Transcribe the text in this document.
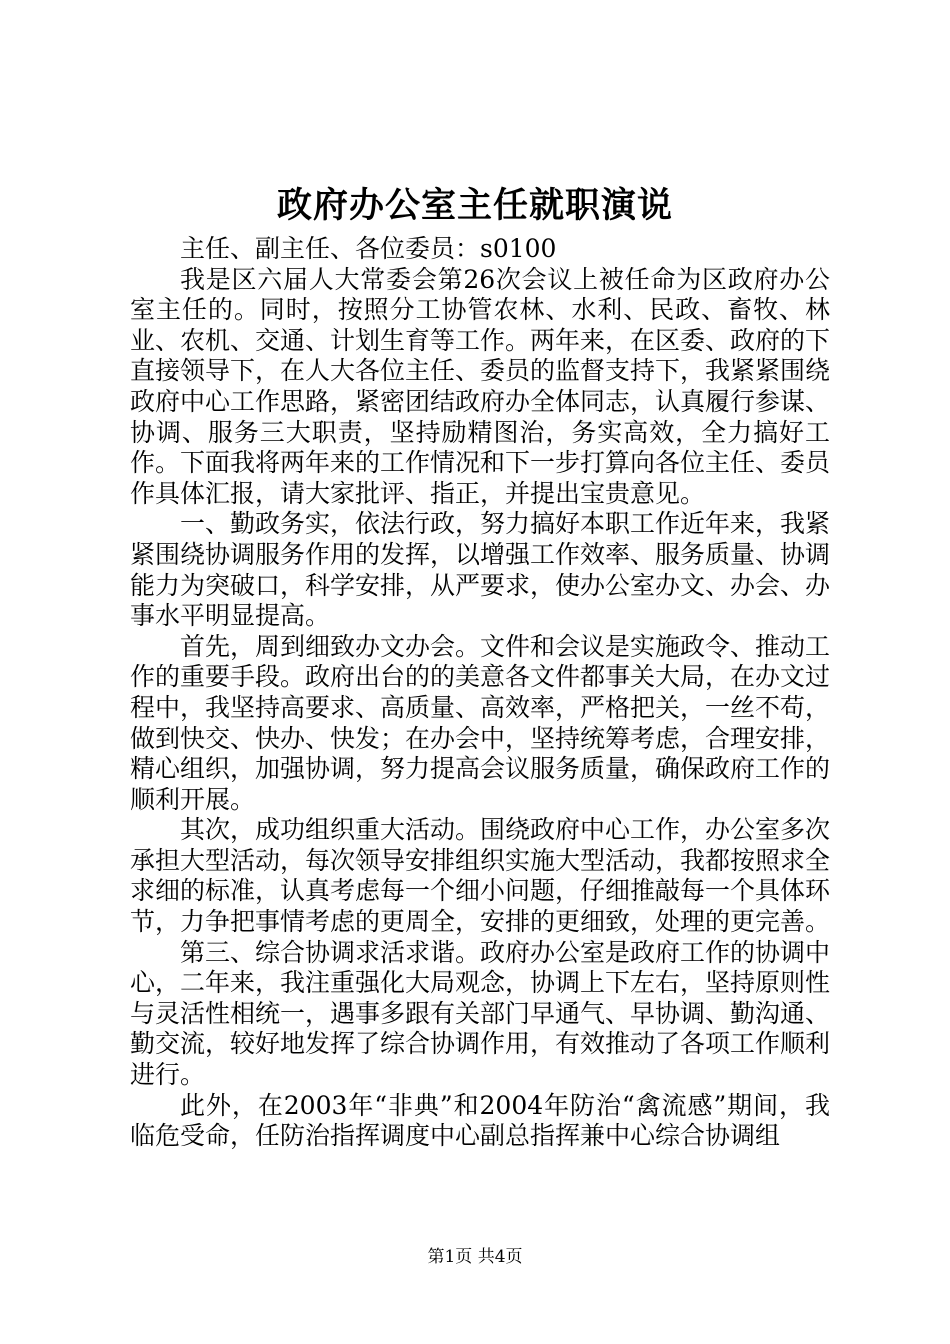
政府办公室主任就职演说

主任、副主任、各位委员：s0100

我是区六届人大常委会第26次会议上被任命为区政府办公室主任的。同时，按照分工协管农林、水利、民政、畜牧、林业、农机、交通、计划生育等工作。两年来，在区委、政府的下直接领导下，在人大各位主任、委员的监督支持下，我紧紧围绕政府中心工作思路，紧密团结政府办全体同志，认真履行参谋、协调、服务三大职责，坚持励精图治，务实高效，全力搞好工作。下面我将两年来的工作情况和下一步打算向各位主任、委员作具体汇报，请大家批评、指正，并提出宝贵意见。

一、勤政务实，依法行政，努力搞好本职工作近年来，我紧紧围绕协调服务作用的发挥，以增强工作效率、服务质量、协调能力为突破口，科学安排，从严要求，使办公室办文、办会、办事水平明显提高。

首先，周到细致办文办会。文件和会议是实施政令、推动工作的重要手段。政府出台的的美意各文件都事关大局，在办文过程中，我坚持高要求、高质量、高效率，严格把关，一丝不苟，做到快交、快办、快发；在办会中，坚持统筹考虑，合理安排，精心组织，加强协调，努力提高会议服务质量，确保政府工作的顺利开展。

其次，成功组织重大活动。围绕政府中心工作，办公室多次承担大型活动，每次领导安排组织实施大型活动，我都按照求全求细的标准，认真考虑每一个细小问题，仔细推敲每一个具体环节，力争把事情考虑的更周全，安排的更细致，处理的更完善。

第三、综合协调求活求谐。政府办公室是政府工作的协调中心，二年来，我注重强化大局观念，协调上下左右，坚持原则性与灵活性相统一，遇事多跟有关部门早通气、早协调、勤沟通、勤交流，较好地发挥了综合协调作用，有效推动了各项工作顺利进行。

此外，在2003年“非典”和2004年防治“禽流感”期间，我临危受命，任防治指挥调度中心副总指挥兼中心综合协调组

第1页 共4页
